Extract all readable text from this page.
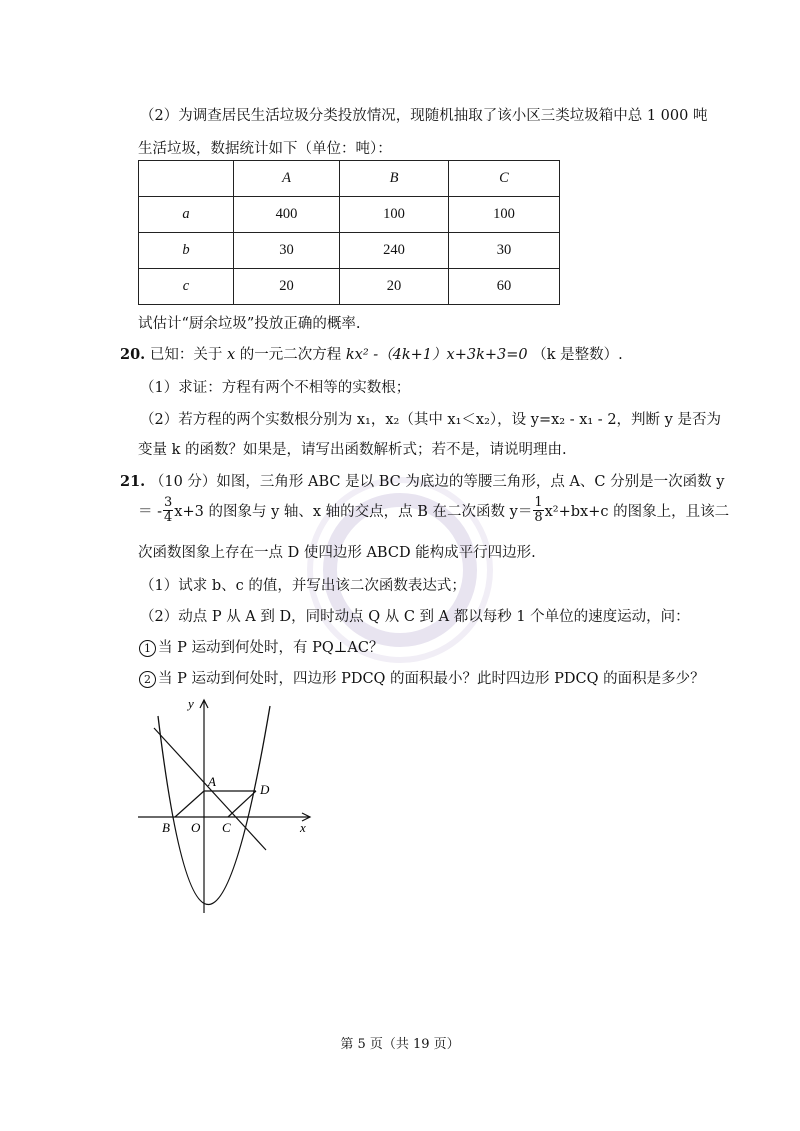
（2）为调查居民生活垃圾分类投放情况，现随机抽取了该小区三类垃圾箱中总 1 000 吨
生活垃圾，数据统计如下（单位：吨）：
	A	B	C
a	400	100	100
b	30	240	30
c	20	20	60
试估计“厨余垃圾”投放正确的概率.
20. 已知：关于 x 的一元二次方程 kx² -（4k+1）x+3k+3=0 （k 是整数）.
（1）求证：方程有两个不相等的实数根；
（2）若方程的两个实数根分别为 x₁，x₂（其中 x₁＜x₂），设 y=x₂ - x₁ - 2，判断 y 是否为
变量 k 的函数？如果是，请写出函数解析式；若不是，请说明理由.
21. （10 分）如图，三角形 ABC 是以 BC 为底边的等腰三角形，点 A、C 分别是一次函数 y
＝ - $\frac{3}{4} x+3$ 的图象与 y 轴、x 轴的交点，点 B 在二次函数 $y= \frac{1}{8} x^2+bx+c$ 的图象上，且该二
次函数图象上存在一点 D 使四边形 ABCD 能构成平行四边形.
（1）试求 b、c 的值，并写出该二次函数表达式；
（2）动点 P 从 A 到 D，同时动点 Q 从 C 到 A 都以每秒 1 个单位的速度运动，问：
1 当 P 运动到何处时，有 PQ⊥AC？
2 当 P 运动到何处时，四边形 PDCQ 的面积最小？此时四边形 PDCQ 的面积是多少？
y
x
A
D
B O C
第 5 页（共 19 页）
